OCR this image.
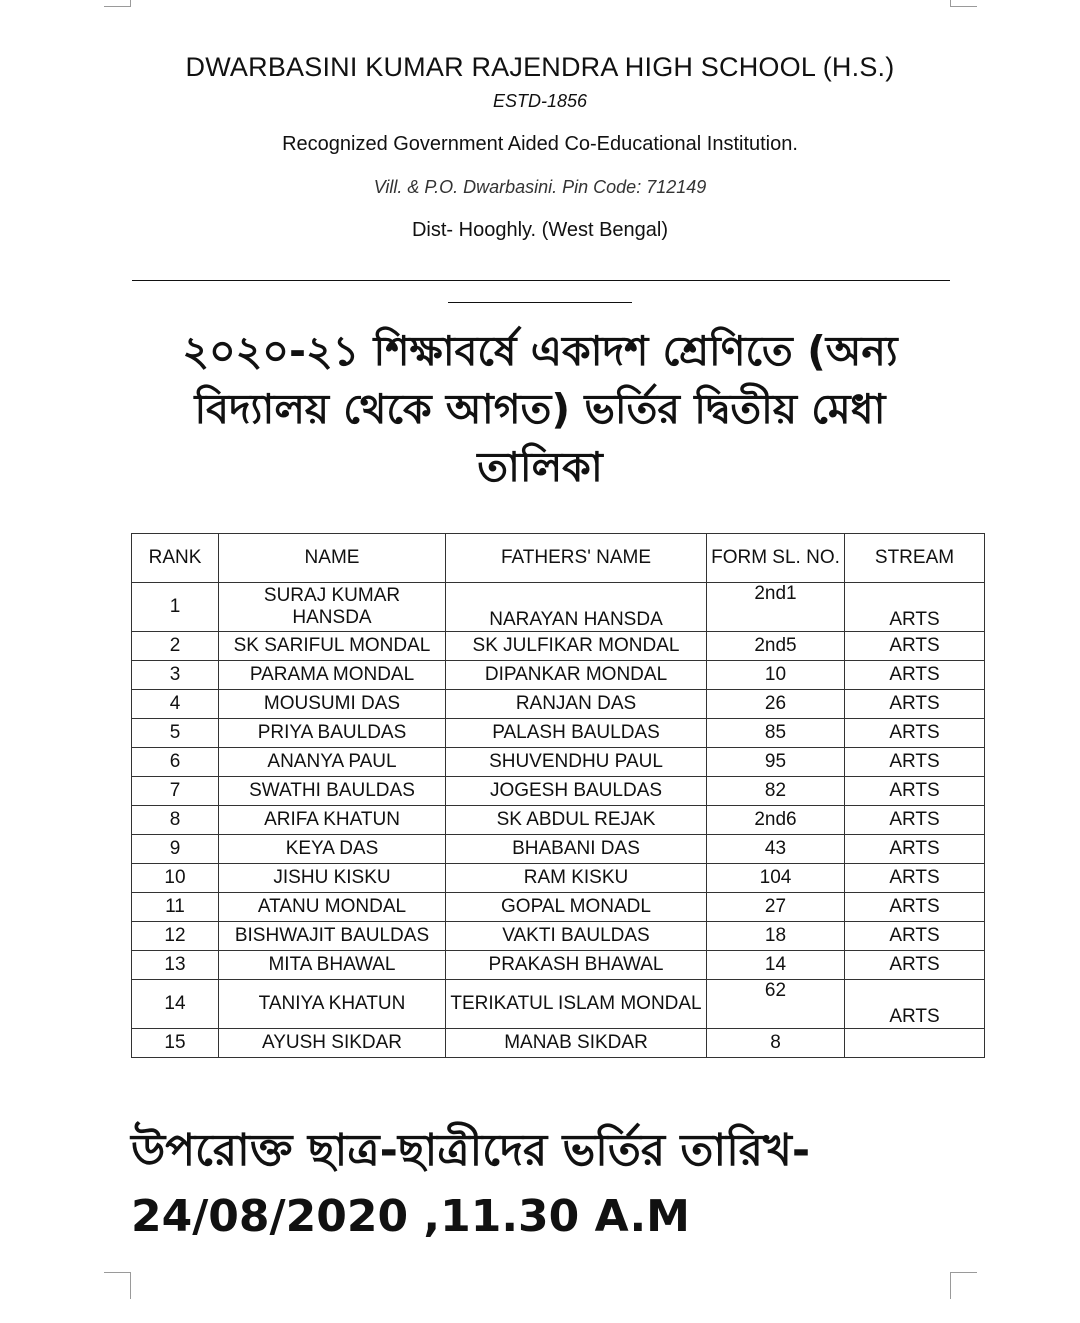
DWARBASINI KUMAR RAJENDRA HIGH SCHOOL (H.S.)
ESTD-1856
Recognized Government Aided Co-Educational Institution.
Vill. & P.O. Dwarbasini. Pin Code: 712149
Dist- Hooghly. (West Bengal)
২০২০-২১ শিক্ষাবর্ষে একাদশ শ্রেণিতে (অন্য
বিদ্যালয় থেকে আগত) ভর্তির দ্বিতীয় মেধা
তালিকা
RANK	NAME	FATHERS' NAME	FORM SL. NO.	STREAM
1	SURAJ KUMAR HANSDA	NARAYAN HANSDA	2nd1	ARTS
2	SK SARIFUL MONDAL	SK JULFIKAR MONDAL	2nd5	ARTS
3	PARAMA MONDAL	DIPANKAR MONDAL	10	ARTS
4	MOUSUMI DAS	RANJAN DAS	26	ARTS
5	PRIYA BAULDAS	PALASH BAULDAS	85	ARTS
6	ANANYA PAUL	SHUVENDHU PAUL	95	ARTS
7	SWATHI BAULDAS	JOGESH BAULDAS	82	ARTS
8	ARIFA KHATUN	SK ABDUL REJAK	2nd6	ARTS
9	KEYA DAS	BHABANI DAS	43	ARTS
10	JISHU KISKU	RAM KISKU	104	ARTS
11	ATANU MONDAL	GOPAL MONADL	27	ARTS
12	BISHWAJIT BAULDAS	VAKTI BAULDAS	18	ARTS
13	MITA BHAWAL	PRAKASH BHAWAL	14	ARTS
14	TANIYA KHATUN	TERIKATUL ISLAM MONDAL	62	ARTS
15	AYUSH SIKDAR	MANAB SIKDAR	8	
উপরোক্ত ছাত্র-ছাত্রীদের ভর্তির তারিখ-
24/08/2020 ,11.30 A.M
